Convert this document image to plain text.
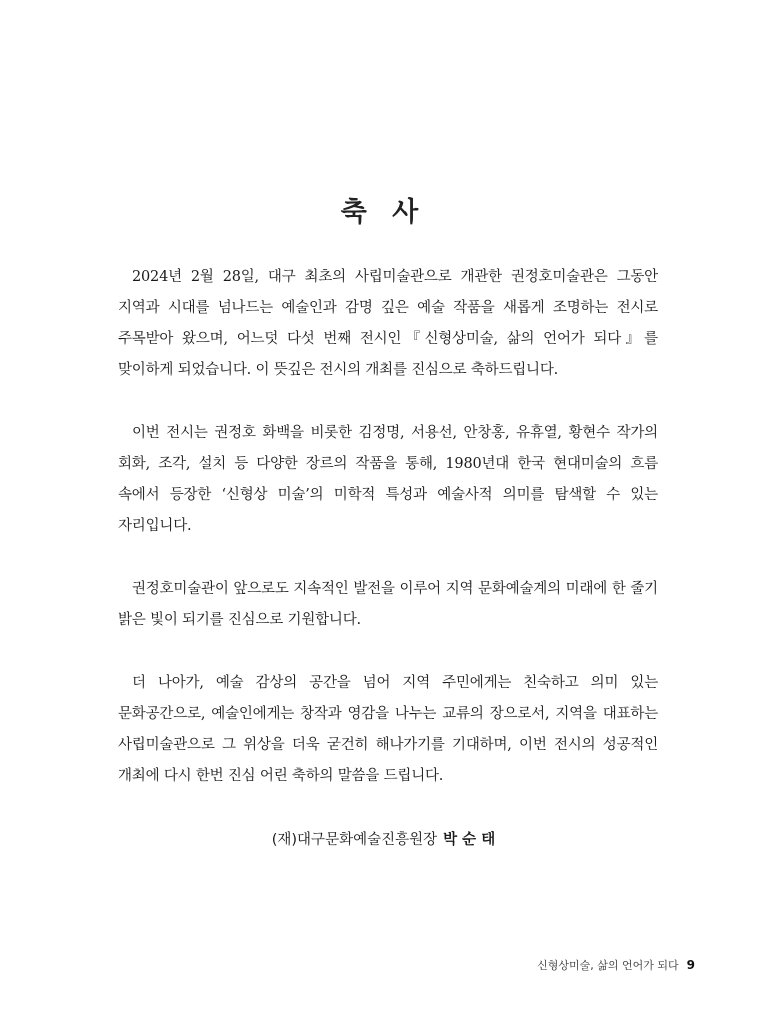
축 사

2024년 2월 28일, 대구 최초의 사립미술관으로 개관한 권정호미술관은 그동안 지역과 시대를 넘나드는 예술인과 감명 깊은 예술 작품을 새롭게 조명하는 전시로 주목받아 왔으며, 어느덧 다섯 번째 전시인『신형상미술, 삶의 언어가 되다』를 맞이하게 되었습니다. 이 뜻깊은 전시의 개최를 진심으로 축하드립니다.

이번 전시는 권정호 화백을 비롯한 김정명, 서용선, 안창홍, 유휴열, 황현수 작가의 회화, 조각, 설치 등 다양한 장르의 작품을 통해, 1980년대 한국 현대미술의 흐름 속에서 등장한 ‘신형상 미술’의 미학적 특성과 예술사적 의미를 탐색할 수 있는 자리입니다.

권정호미술관이 앞으로도 지속적인 발전을 이루어 지역 문화예술계의 미래에 한 줄기 밝은 빛이 되기를 진심으로 기원합니다.

더 나아가, 예술 감상의 공간을 넘어 지역 주민에게는 친숙하고 의미 있는 문화공간으로, 예술인에게는 창작과 영감을 나누는 교류의 장으로서, 지역을 대표하는 사립미술관으로 그 위상을 더욱 굳건히 해나가기를 기대하며, 이번 전시의 성공적인 개최에 다시 한번 진심 어린 축하의 말씀을 드립니다.

(재)대구문화예술진흥원장 박 순 태
신형상미술, 삶의 언어가 되다 9
